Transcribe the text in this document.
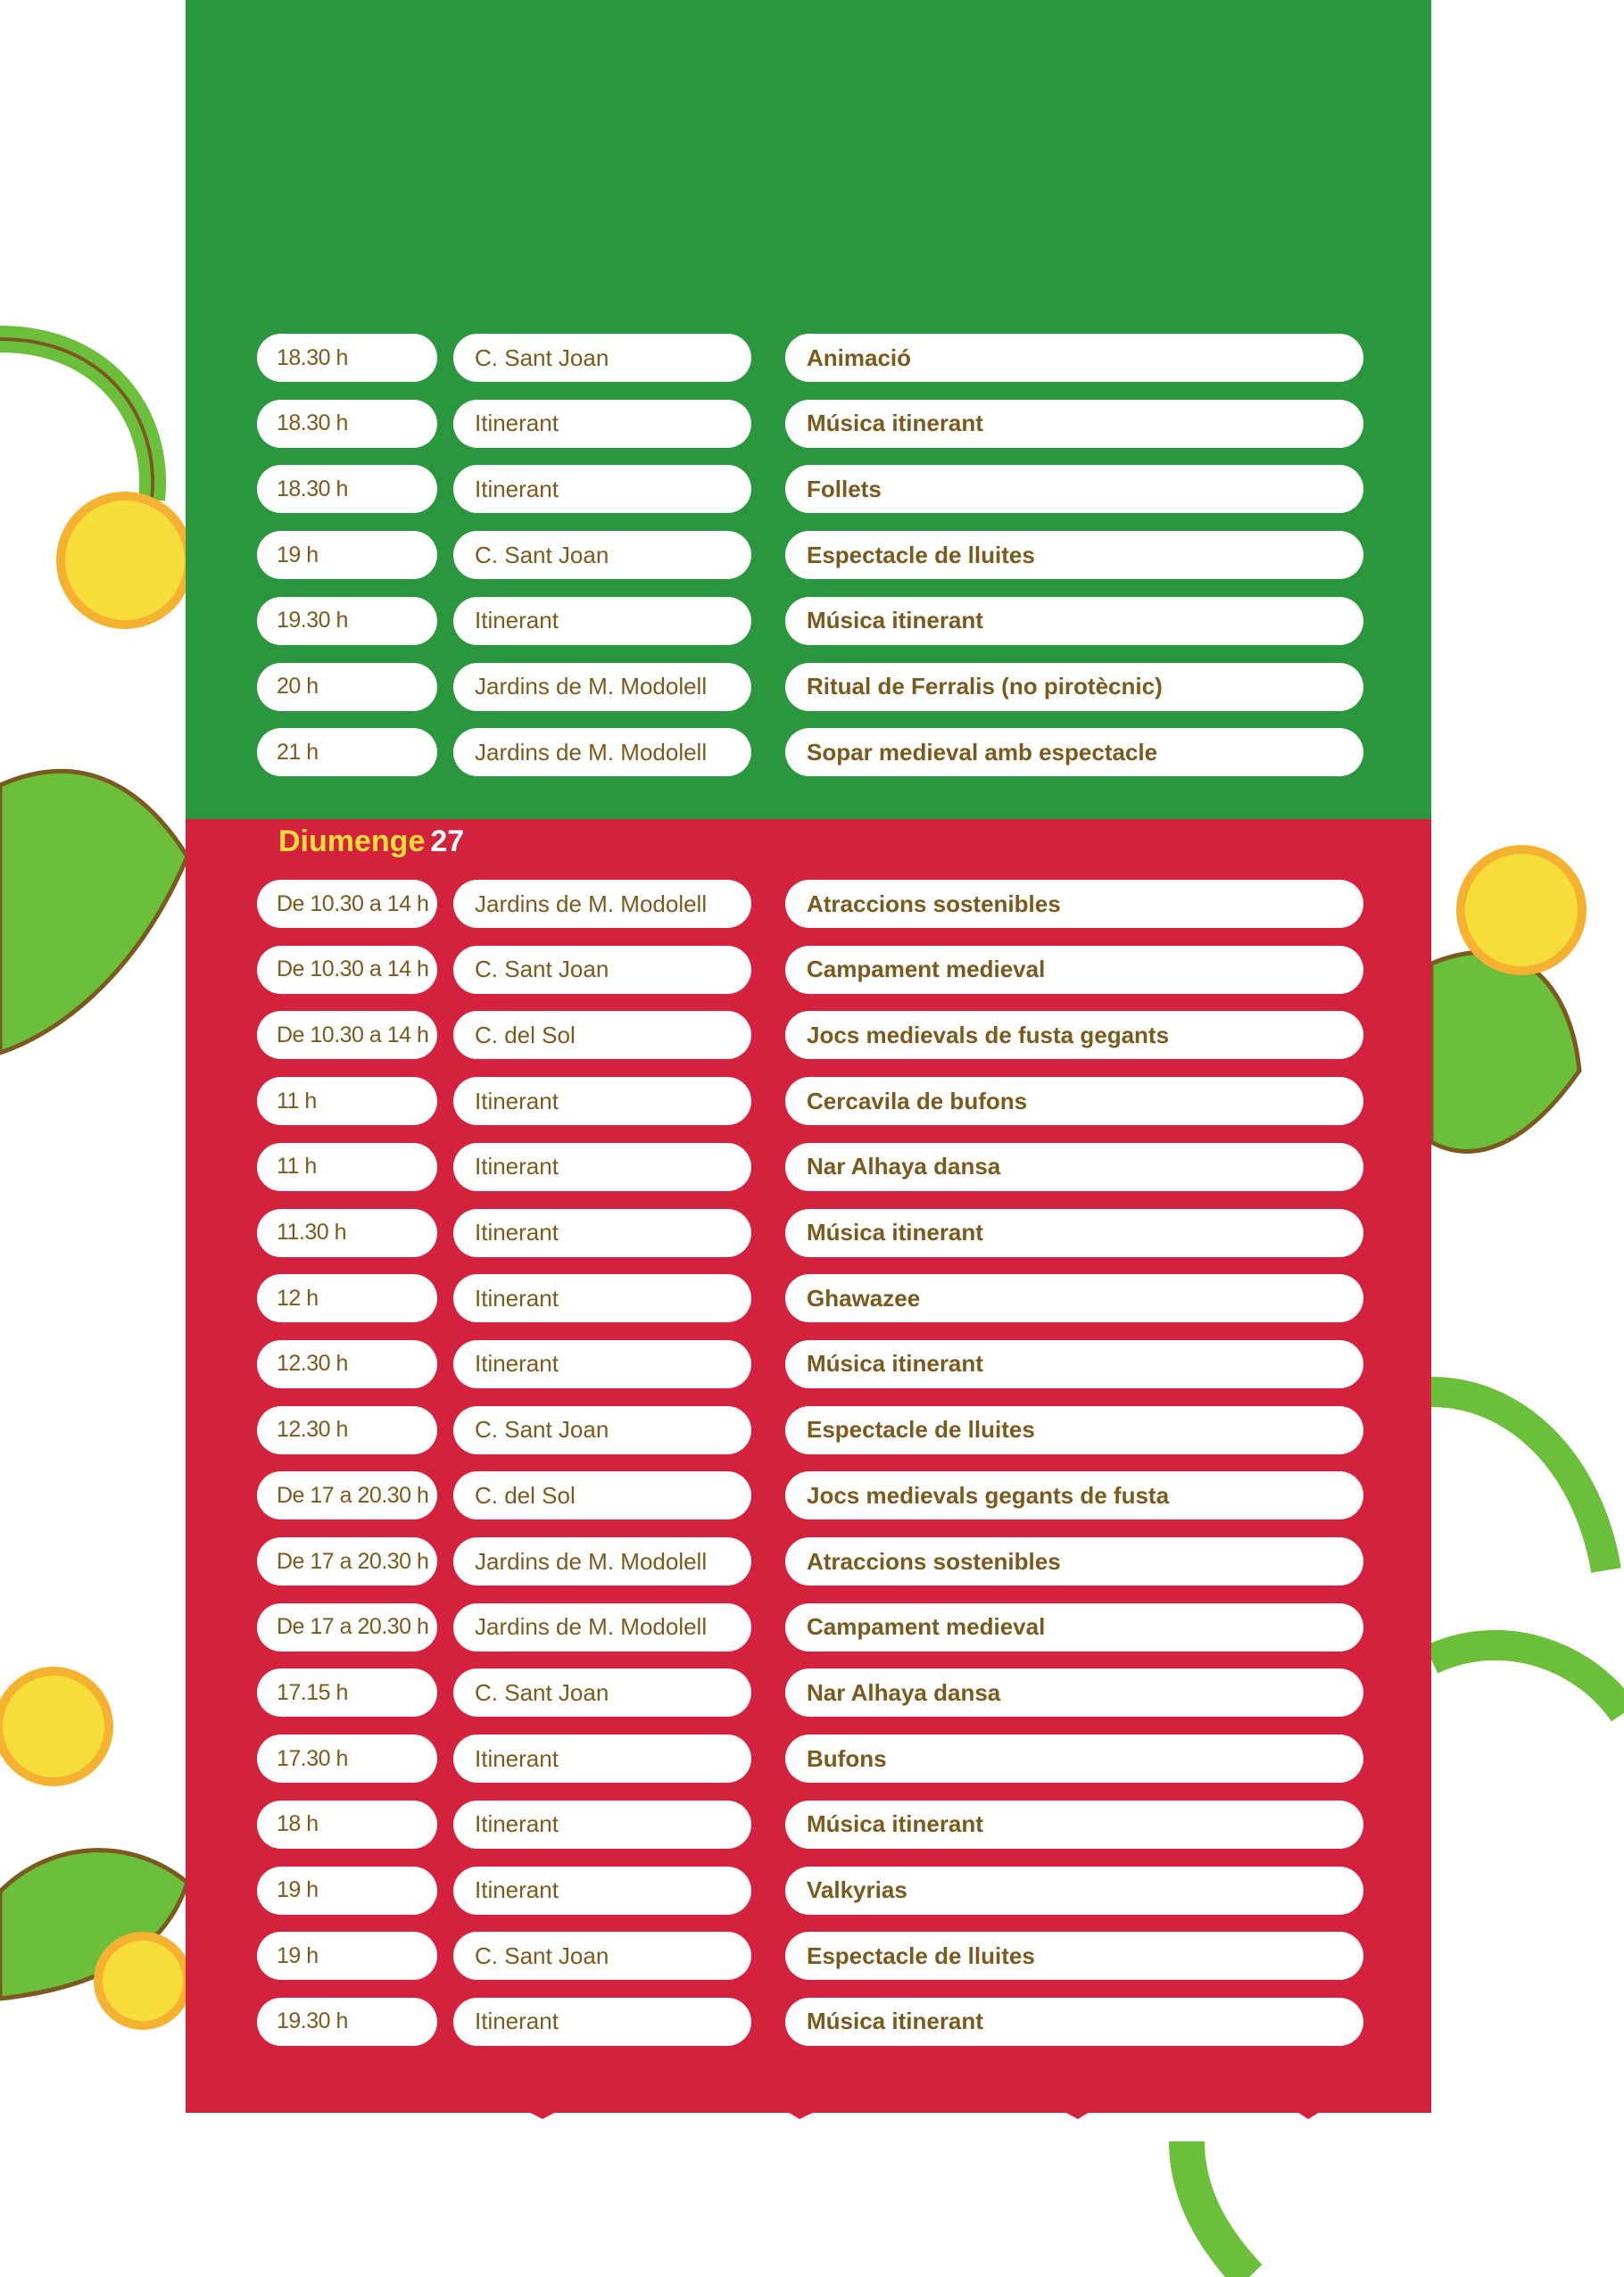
18.30 h	C. Sant Joan	Animació
18.30 h	Itinerant	Música itinerant
18.30 h	Itinerant	Follets
19 h	C. Sant Joan	Espectacle de lluites
19.30 h	Itinerant	Música itinerant
20 h	Jardins de M. Modolell	Ritual de Ferralis (no pirotècnic)
21 h	Jardins de M. Modolell	Sopar medieval amb espectacle
Diumenge 27
De 10.30 a 14 h	Jardins de M. Modolell	Atraccions sostenibles
De 10.30 a 14 h	C. Sant Joan	Campament medieval
De 10.30 a 14 h	C. del Sol	Jocs medievals de fusta gegants
11 h	Itinerant	Cercavila de bufons
11 h	Itinerant	Nar Alhaya dansa
11.30 h	Itinerant	Música itinerant
12 h	Itinerant	Ghawazee
12.30 h	Itinerant	Música itinerant
12.30 h	C. Sant Joan	Espectacle de lluites
De 17 a 20.30 h	C. del Sol	Jocs medievals gegants de fusta
De 17 a 20.30 h	Jardins de M. Modolell	Atraccions sostenibles
De 17 a 20.30 h	Jardins de M. Modolell	Campament medieval
17.15 h	C. Sant Joan	Nar Alhaya dansa
17.30 h	Itinerant	Bufons
18 h	Itinerant	Música itinerant
19 h	Itinerant	Valkyrias
19 h	C. Sant Joan	Espectacle de lluites
19.30 h	Itinerant	Música itinerant
